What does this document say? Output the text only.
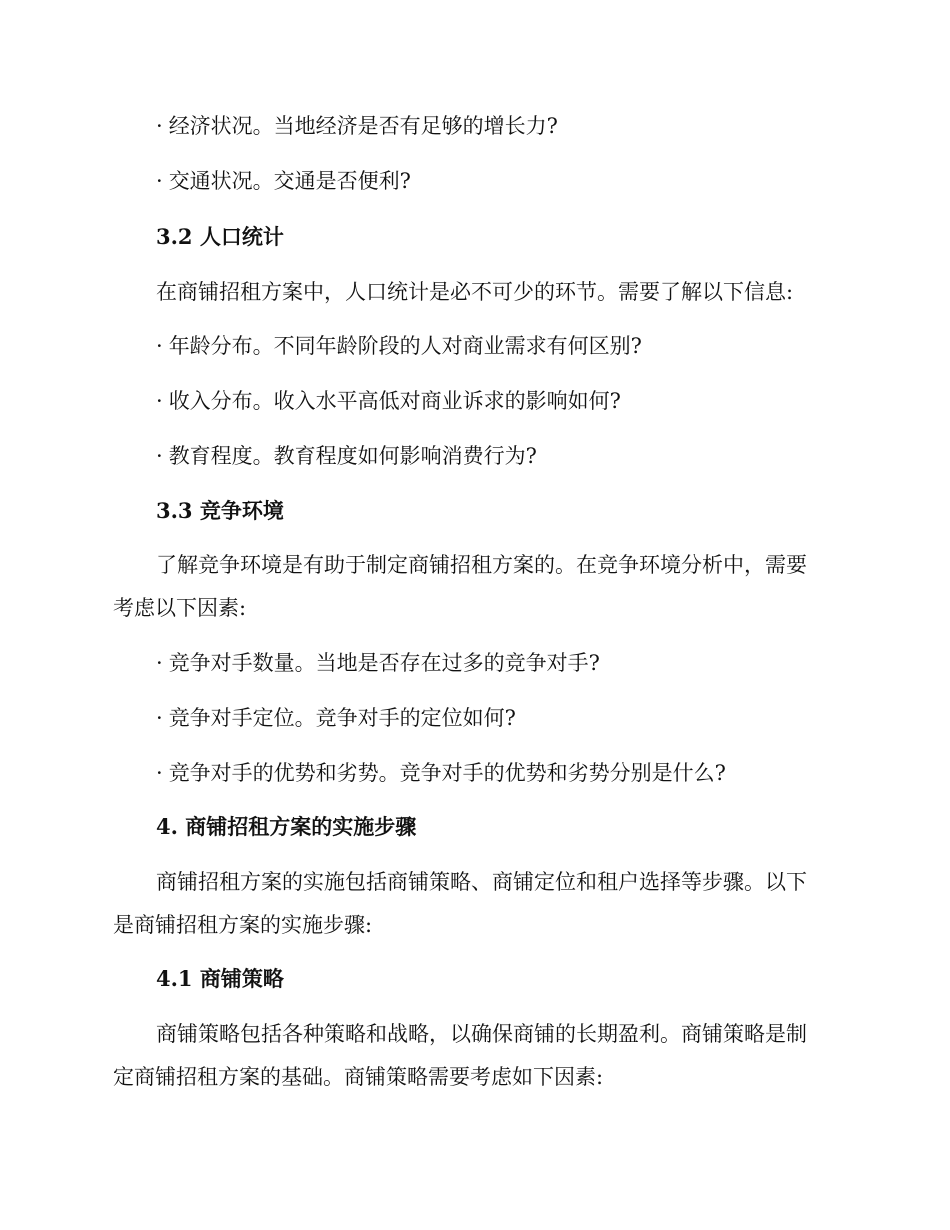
· 经济状况。当地经济是否有足够的增长力?
· 交通状况。交通是否便利?
3.2 人口统计
在商铺招租方案中，人口统计是必不可少的环节。需要了解以下信息:
· 年龄分布。不同年龄阶段的人对商业需求有何区别?
· 收入分布。收入水平高低对商业诉求的影响如何?
· 教育程度。教育程度如何影响消费行为?
3.3 竞争环境
了解竞争环境是有助于制定商铺招租方案的。在竞争环境分析中，需要
考虑以下因素:
· 竞争对手数量。当地是否存在过多的竞争对手?
· 竞争对手定位。竞争对手的定位如何?
· 竞争对手的优势和劣势。竞争对手的优势和劣势分别是什么?
4. 商铺招租方案的实施步骤
商铺招租方案的实施包括商铺策略、商铺定位和租户选择等步骤。以下
是商铺招租方案的实施步骤:
4.1 商铺策略
商铺策略包括各种策略和战略，以确保商铺的长期盈利。商铺策略是制
定商铺招租方案的基础。商铺策略需要考虑如下因素:
